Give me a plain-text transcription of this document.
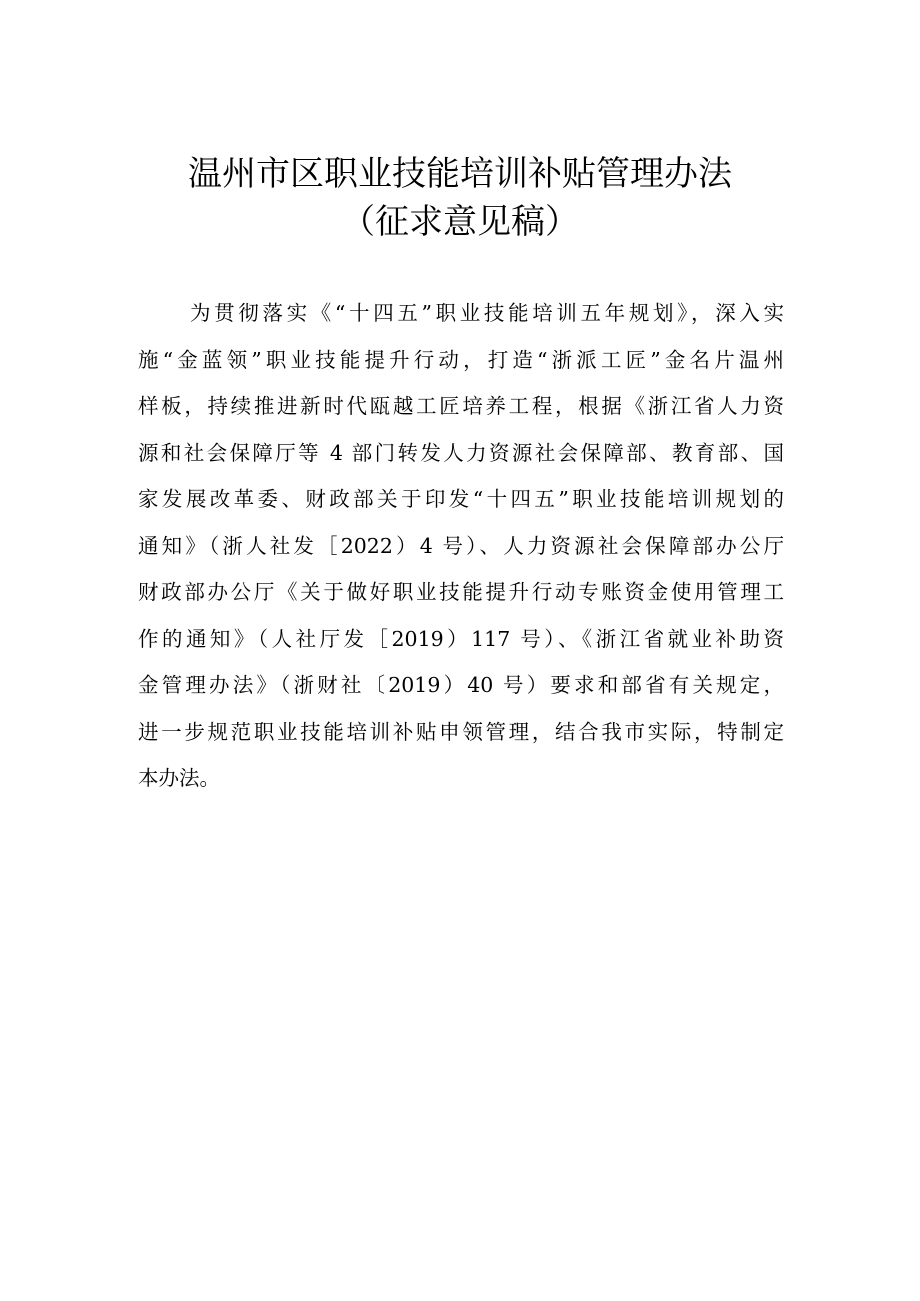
温州市区职业技能培训补贴管理办法
（征求意见稿）
为贯彻落实《“十四五”职业技能培训五年规划》，深入实
施“金蓝领”职业技能提升行动，打造“浙派工匠”金名片温州
样板，持续推进新时代瓯越工匠培养工程，根据《浙江省人力资
源和社会保障厅等 4 部门转发人力资源社会保障部、教育部、国
家发展改革委、财政部关于印发“十四五”职业技能培训规划的
通知》（浙人社发［2022）4 号）、人力资源社会保障部办公厅
财政部办公厅《关于做好职业技能提升行动专账资金使用管理工
作的通知》（人社厅发［2019）117 号）、《浙江省就业补助资
金管理办法》（浙财社〔2019）40 号）要求和部省有关规定，
进一步规范职业技能培训补贴申领管理，结合我市实际，特制定
本办法。
